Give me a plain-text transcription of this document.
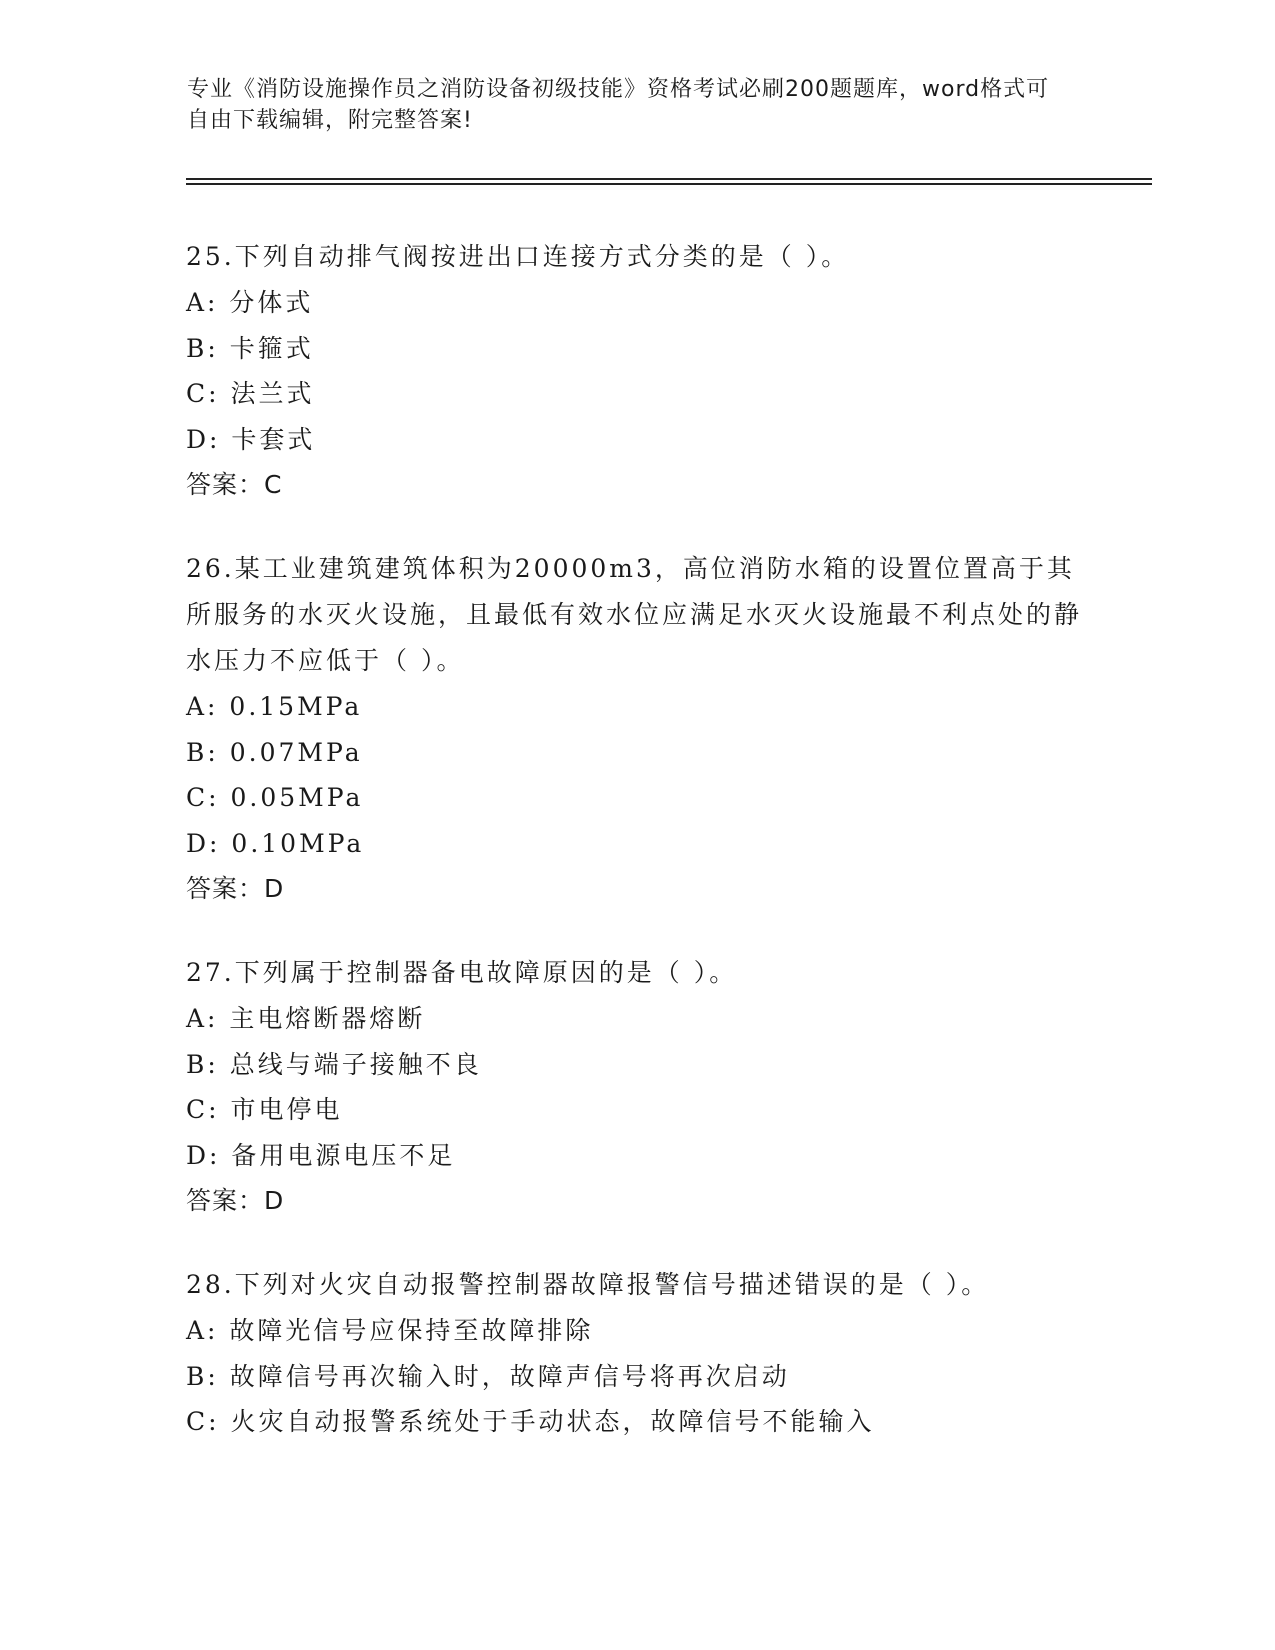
专业《消防设施操作员之消防设备初级技能》资格考试必刷200题题库，word格式可自由下载编辑，附完整答案!
25.下列自动排气阀按进出口连接方式分类的是（ ）。
A: 分体式
B: 卡箍式
C: 法兰式
D: 卡套式
答案：C
26.某工业建筑建筑体积为20000m3，高位消防水箱的设置位置高于其所服务的水灭火设施，且最低有效水位应满足水灭火设施最不利点处的静水压力不应低于（ ）。
A: 0.15MPa
B: 0.07MPa
C: 0.05MPa
D: 0.10MPa
答案：D
27.下列属于控制器备电故障原因的是（ ）。
A: 主电熔断器熔断
B: 总线与端子接触不良
C: 市电停电
D: 备用电源电压不足
答案：D
28.下列对火灾自动报警控制器故障报警信号描述错误的是（ ）。
A: 故障光信号应保持至故障排除
B: 故障信号再次输入时，故障声信号将再次启动
C: 火灾自动报警系统处于手动状态，故障信号不能输入
